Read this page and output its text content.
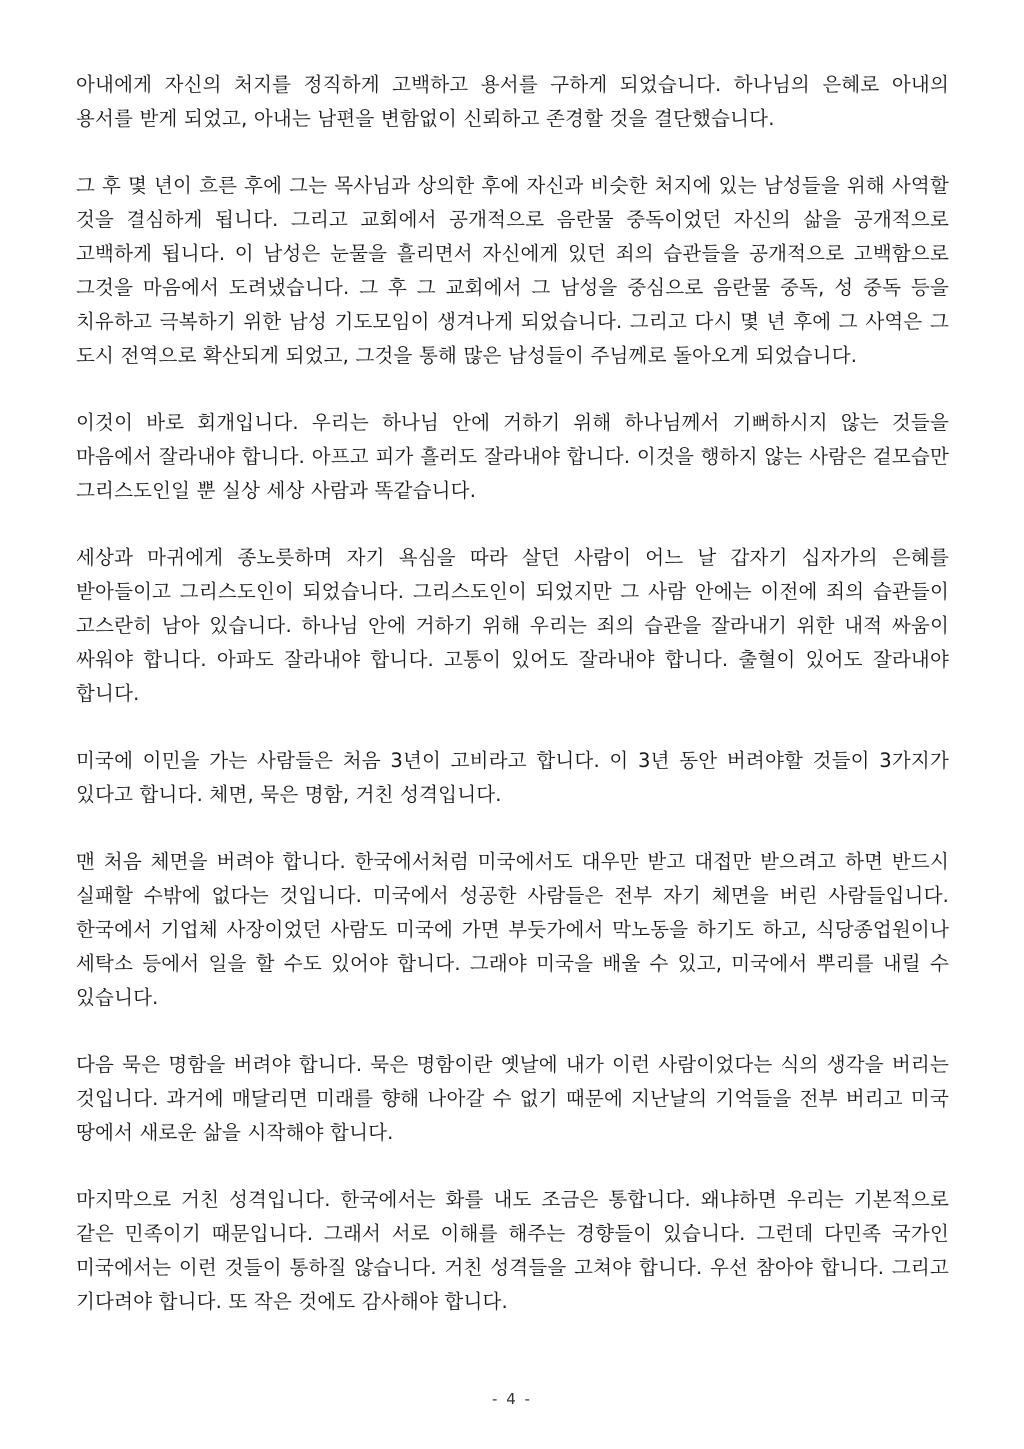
아내에게 자신의 처지를 정직하게 고백하고 용서를 구하게 되었습니다. 하나님의 은혜로 아내의 용서를 받게 되었고, 아내는 남편을 변함없이 신뢰하고 존경할 것을 결단했습니다.

그 후 몇 년이 흐른 후에 그는 목사님과 상의한 후에 자신과 비슷한 처지에 있는 남성들을 위해 사역할 것을 결심하게 됩니다. 그리고 교회에서 공개적으로 음란물 중독이었던 자신의 삶을 공개적으로 고백하게 됩니다. 이 남성은 눈물을 흘리면서 자신에게 있던 죄의 습관들을 공개적으로 고백함으로 그것을 마음에서 도려냈습니다. 그 후 그 교회에서 그 남성을 중심으로 음란물 중독, 성 중독 등을 치유하고 극복하기 위한 남성 기도모임이 생겨나게 되었습니다. 그리고 다시 몇 년 후에 그 사역은 그 도시 전역으로 확산되게 되었고, 그것을 통해 많은 남성들이 주님께로 돌아오게 되었습니다.

이것이 바로 회개입니다. 우리는 하나님 안에 거하기 위해 하나님께서 기뻐하시지 않는 것들을 마음에서 잘라내야 합니다. 아프고 피가 흘러도 잘라내야 합니다. 이것을 행하지 않는 사람은 겉모습만 그리스도인일 뿐 실상 세상 사람과 똑같습니다.

세상과 마귀에게 종노릇하며 자기 욕심을 따라 살던 사람이 어느 날 갑자기 십자가의 은혜를 받아들이고 그리스도인이 되었습니다. 그리스도인이 되었지만 그 사람 안에는 이전에 죄의 습관들이 고스란히 남아 있습니다. 하나님 안에 거하기 위해 우리는 죄의 습관을 잘라내기 위한 내적 싸움이 싸워야 합니다. 아파도 잘라내야 합니다. 고통이 있어도 잘라내야 합니다. 출혈이 있어도 잘라내야 합니다.

미국에 이민을 가는 사람들은 처음 3년이 고비라고 합니다. 이 3년 동안 버려야할 것들이 3가지가 있다고 합니다. 체면, 묵은 명함, 거친 성격입니다.

맨 처음 체면을 버려야 합니다. 한국에서처럼 미국에서도 대우만 받고 대접만 받으려고 하면 반드시 실패할 수밖에 없다는 것입니다. 미국에서 성공한 사람들은 전부 자기 체면을 버린 사람들입니다. 한국에서 기업체 사장이었던 사람도 미국에 가면 부둣가에서 막노동을 하기도 하고, 식당종업원이나 세탁소 등에서 일을 할 수도 있어야 합니다. 그래야 미국을 배울 수 있고, 미국에서 뿌리를 내릴 수 있습니다.

다음 묵은 명함을 버려야 합니다. 묵은 명함이란 옛날에 내가 이런 사람이었다는 식의 생각을 버리는 것입니다. 과거에 매달리면 미래를 향해 나아갈 수 없기 때문에 지난날의 기억들을 전부 버리고 미국 땅에서 새로운 삶을 시작해야 합니다.

마지막으로 거친 성격입니다. 한국에서는 화를 내도 조금은 통합니다. 왜냐하면 우리는 기본적으로 같은 민족이기 때문입니다. 그래서 서로 이해를 해주는 경향들이 있습니다. 그런데 다민족 국가인 미국에서는 이런 것들이 통하질 않습니다. 거친 성격들을 고쳐야 합니다. 우선 참아야 합니다. 그리고 기다려야 합니다. 또 작은 것에도 감사해야 합니다.

- 4 -
